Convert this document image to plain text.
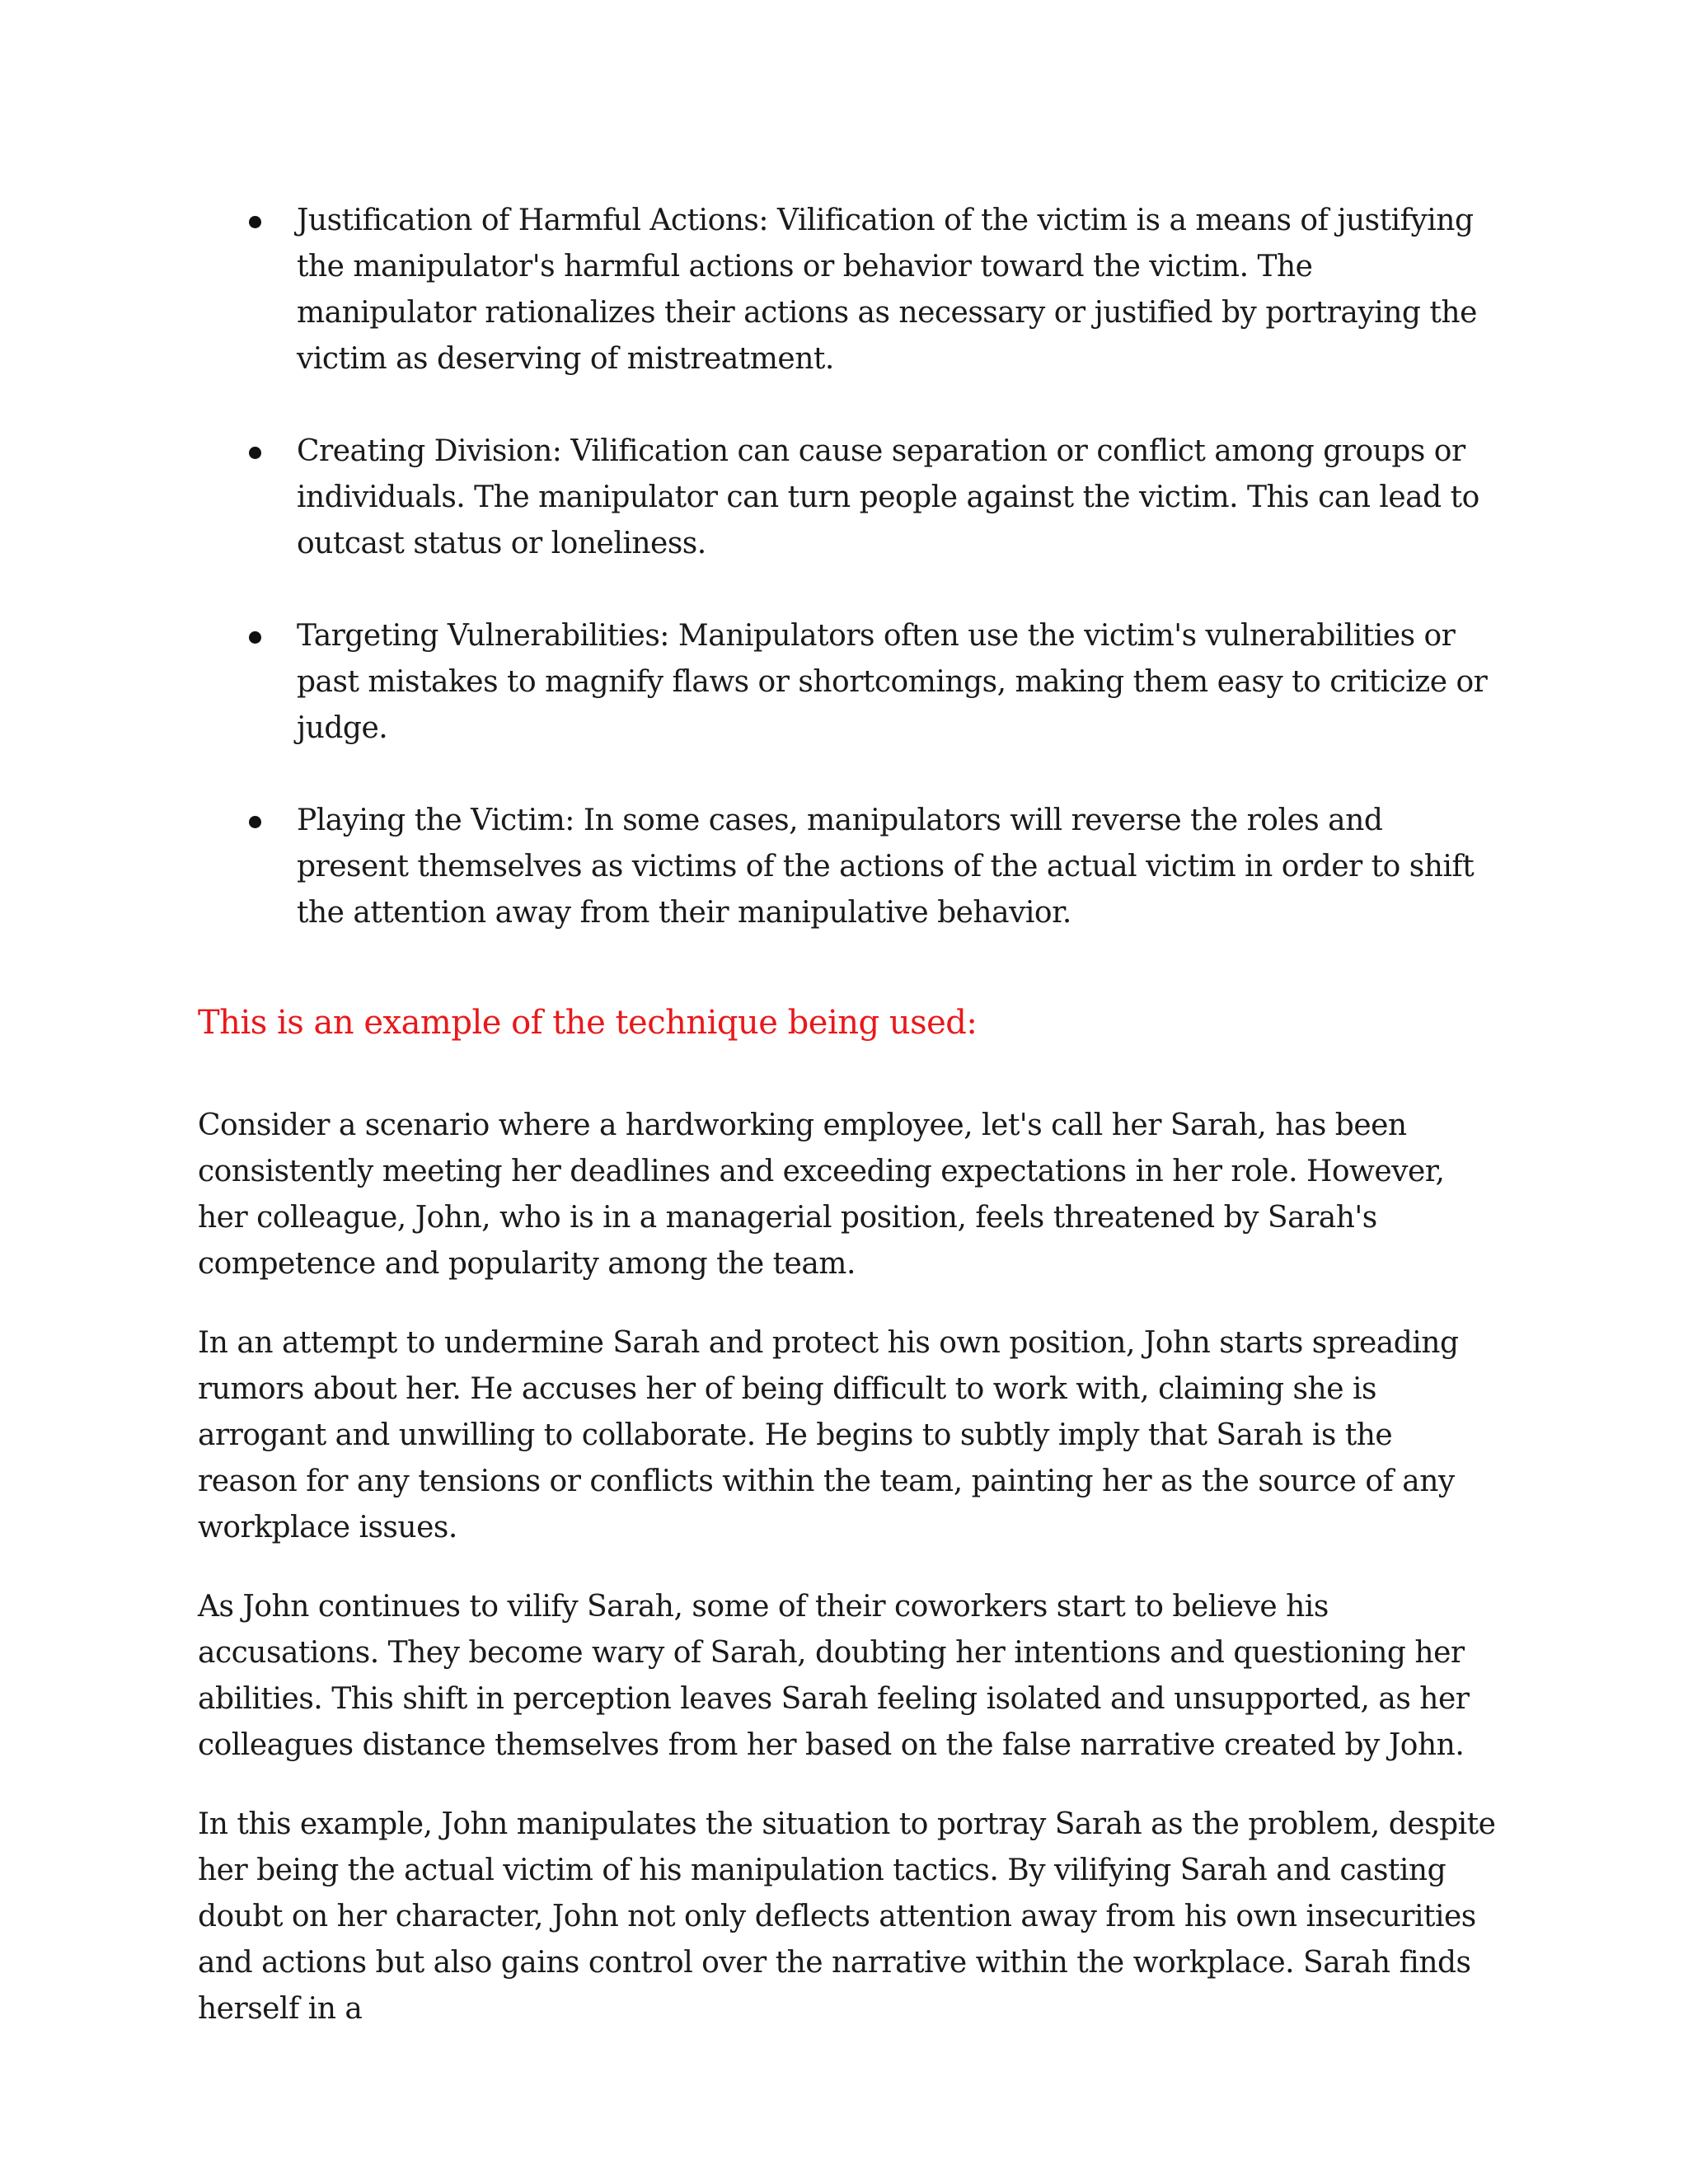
Justification of Harmful Actions: Vilification of the victim is a means of justifying the manipulator's harmful actions or behavior toward the victim. The manipulator rationalizes their actions as necessary or justified by portraying the victim as deserving of mistreatment.
Creating Division: Vilification can cause separation or conflict among groups or individuals. The manipulator can turn people against the victim. This can lead to outcast status or loneliness.
Targeting Vulnerabilities: Manipulators often use the victim's vulnerabilities or past mistakes to magnify flaws or shortcomings, making them easy to criticize or judge.
Playing the Victim: In some cases, manipulators will reverse the roles and present themselves as victims of the actions of the actual victim in order to shift the attention away from their manipulative behavior.
This is an example of the technique being used:

Consider a scenario where a hardworking employee, let's call her Sarah, has been consistently meeting her deadlines and exceeding expectations in her role. However, her colleague, John, who is in a managerial position, feels threatened by Sarah's competence and popularity among the team.

In an attempt to undermine Sarah and protect his own position, John starts spreading rumors about her. He accuses her of being difficult to work with, claiming she is arrogant and unwilling to collaborate. He begins to subtly imply that Sarah is the reason for any tensions or conflicts within the team, painting her as the source of any workplace issues.

As John continues to vilify Sarah, some of their coworkers start to believe his accusations. They become wary of Sarah, doubting her intentions and questioning her abilities. This shift in perception leaves Sarah feeling isolated and unsupported, as her colleagues distance themselves from her based on the false narrative created by John.

In this example, John manipulates the situation to portray Sarah as the problem, despite her being the actual victim of his manipulation tactics. By vilifying Sarah and casting doubt on her character, John not only deflects attention away from his own insecurities and actions but also gains control over the narrative within the workplace. Sarah finds herself in a
